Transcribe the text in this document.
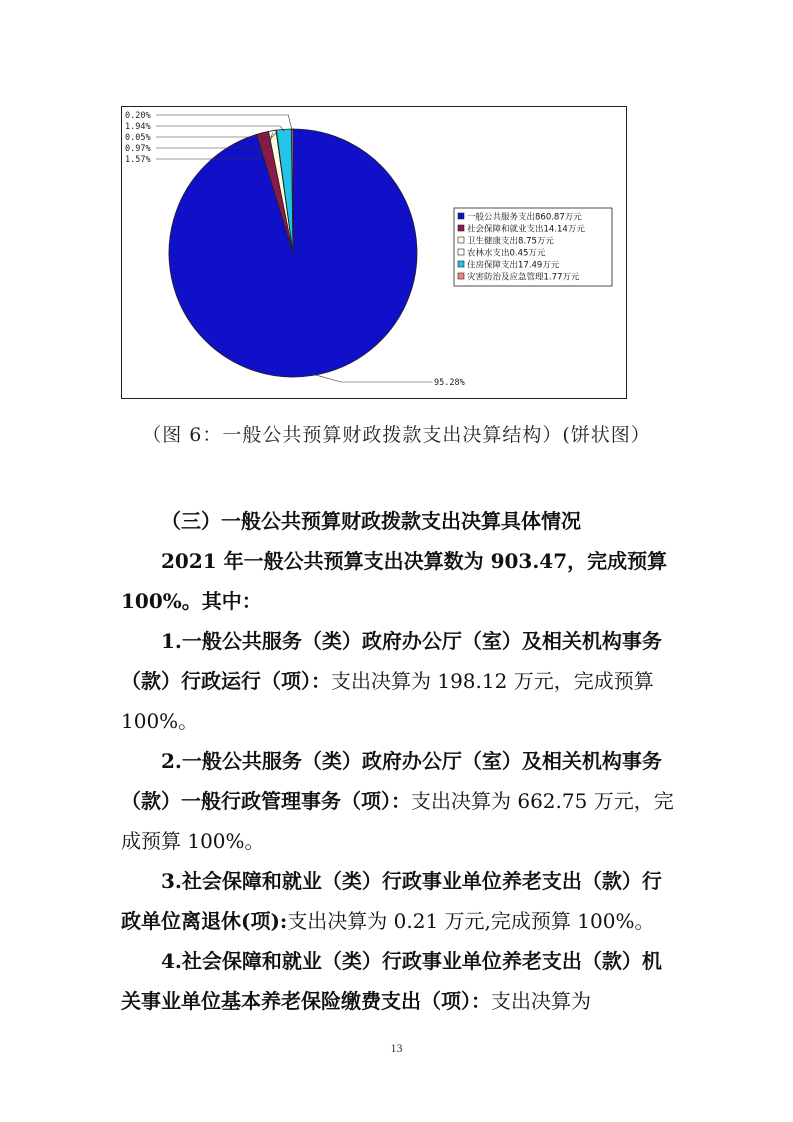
0.20%
1.94%
0.05%
0.97%
1.57%
95.28%
一般公共服务支出860.87万元
社会保障和就业支出14.14万元
卫生健康支出8.75万元
农林水支出0.45万元
住房保障支出17.49万元
灾害防治及应急管理1.77万元
（图 6：一般公共预算财政拨款支出决算结构）(饼状图）
（三）一般公共预算财政拨款支出决算具体情况
2021 年一般公共预算支出决算数为 903.47，完成预算 100%。其中：
1.一般公共服务（类）政府办公厅（室）及相关机构事务（款）行政运行（项）：支出决算为 198.12 万元，完成预算 100%。
2.一般公共服务（类）政府办公厅（室）及相关机构事务（款）一般行政管理事务（项）：支出决算为 662.75 万元，完成预算 100%。
3.社会保障和就业（类）行政事业单位养老支出（款）行政单位离退休(项):支出决算为 0.21 万元,完成预算 100%。
4.社会保障和就业（类）行政事业单位养老支出（款）机关事业单位基本养老保险缴费支出（项）：支出决算为
13
